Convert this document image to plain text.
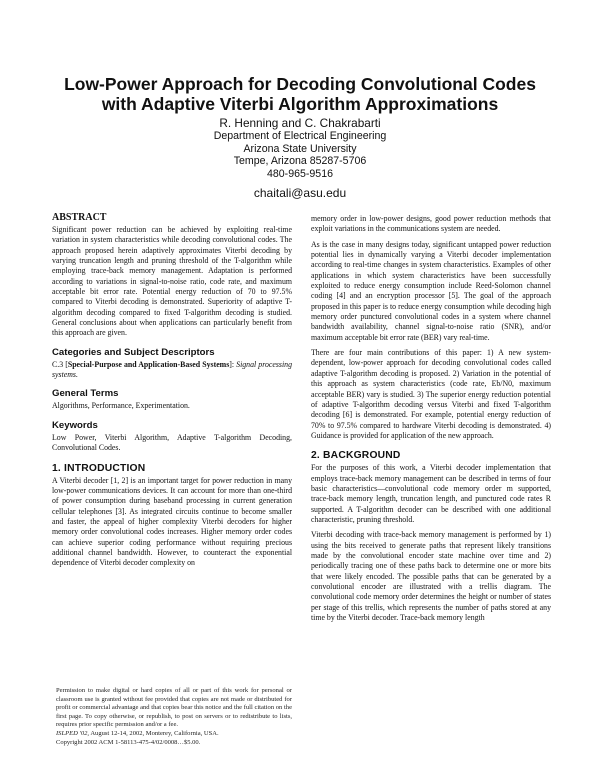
Low-Power Approach for Decoding Convolutional Codes
with Adaptive Viterbi Algorithm Approximations
R. Henning and C. Chakrabarti
Department of Electrical Engineering
Arizona State University
Tempe, Arizona 85287-5706
480-965-9516
chaitali@asu.edu
ABSTRACT

Significant power reduction can be achieved by exploiting real-time variation in system characteristics while decoding convolutional codes. The approach proposed herein adaptively approximates Viterbi decoding by varying truncation length and pruning threshold of the T-algorithm while employing trace-back memory management. Adaptation is performed according to variations in signal-to-noise ratio, code rate, and maximum acceptable bit error rate. Potential energy reduction of 70 to 97.5% compared to Viterbi decoding is demonstrated. Superiority of adaptive T-algorithm decoding compared to fixed T-algorithm decoding is studied. General conclusions about when applications can particularly benefit from this approach are given.

Categories and Subject Descriptors

C.3 [Special-Purpose and Application-Based Systems]: Signal processing systems.

General Terms

Algorithms, Performance, Experimentation.

Keywords

Low Power, Viterbi Algorithm, Adaptive T-algorithm Decoding, Convolutional Codes.

1. INTRODUCTION

A Viterbi decoder [1, 2] is an important target for power reduction in many low-power communications devices. It can account for more than one-third of power consumption during baseband processing in current generation cellular telephones [3]. As integrated circuits continue to become smaller and faster, the appeal of higher complexity Viterbi decoders for higher memory order convolutional codes increases. Higher memory order codes can achieve superior coding performance without requiring precious additional channel bandwidth. However, to counteract the exponential dependence of Viterbi decoder complexity on

Permission to make digital or hard copies of all or part of this work for personal or classroom use is granted without fee provided that copies are not made or distributed for profit or commercial advantage and that copies bear this notice and the full citation on the first page. To copy otherwise, or republish, to post on servers or to redistribute to lists, requires prior specific permission and/or a fee.

ISLPED '02, August 12-14, 2002, Monterey, California, USA.

Copyright 2002 ACM 1-58113-475-4/02/0008…$5.00.

memory order in low-power designs, good power reduction methods that exploit variations in the communications system are needed.

As is the case in many designs today, significant untapped power reduction potential lies in dynamically varying a Viterbi decoder implementation according to real-time changes in system characteristics. Examples of other applications in which system characteristics have been successfully exploited to reduce energy consumption include Reed-Solomon channel coding [4] and an encryption processor [5]. The goal of the approach proposed in this paper is to reduce energy consumption while decoding high memory order punctured convolutional codes in a system where channel bandwidth availability, channel signal-to-noise ratio (SNR), and/or maximum acceptable bit error rate (BER) vary real-time.

There are four main contributions of this paper: 1) A new system-dependent, low-power approach for decoding convolutional codes called adaptive T-algorithm decoding is proposed. 2) Variation in the potential of this approach as system characteristics (code rate, Eb/N0, maximum acceptable BER) vary is studied. 3) The superior energy reduction potential of adaptive T-algorithm decoding versus Viterbi and fixed T-algorithm decoding [6] is demonstrated. For example, potential energy reduction of 70% to 97.5% compared to hardware Viterbi decoding is demonstrated. 4) Guidance is provided for application of the new approach.

2. BACKGROUND

For the purposes of this work, a Viterbi decoder implementation that employs trace-back memory management can be described in terms of four basic characteristics—convolutional code memory order m supported, trace-back memory length, truncation length, and punctured code rates R supported. A T-algorithm decoder can be described with one additional characteristic, pruning threshold.

Viterbi decoding with trace-back memory management is performed by 1) using the bits received to generate paths that represent likely transitions made by the convolutional encoder state machine over time and 2) periodically tracing one of these paths back to determine one or more bits that were likely encoded. The possible paths that can be generated by a convolutional encoder are illustrated with a trellis diagram. The convolutional code memory order determines the height or number of states per stage of this trellis, which represents the number of paths stored at any time by the Viterbi decoder. Trace-back memory length
